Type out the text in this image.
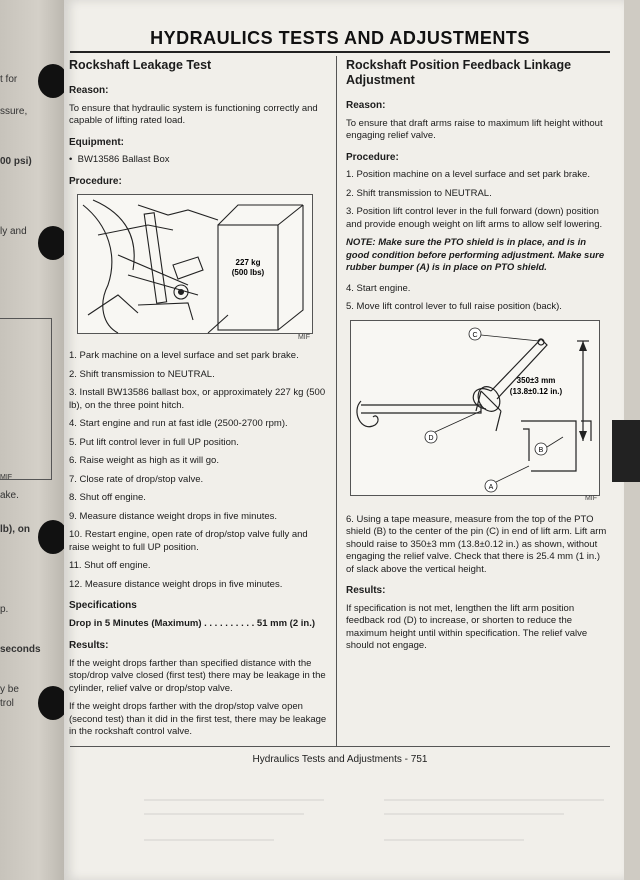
t for
ssure,
00 psi)
ly and
MIF
ake.
lb), on
p.
seconds
y be
trol
HYDRAULICS TESTS AND ADJUSTMENTS
Rockshaft Leakage Test
Reason:

To ensure that hydraulic system is functioning correctly and capable of lifting rated load.

Equipment:
•  BW13586 Ballast Box
Procedure:
227 kg
(500 lbs)
MIF
1. Park machine on a level surface and set park brake.
2. Shift transmission to NEUTRAL.
3. Install BW13586 ballast box, or approximately 227 kg (500 lb), on the three point hitch.
4. Start engine and run at fast idle (2500-2700 rpm).
5. Put lift control lever in full UP position.
6. Raise weight as high as it will go.
7. Close rate of drop/stop valve.
8. Shut off engine.
9. Measure distance weight drops in five minutes.
10. Restart engine, open rate of drop/stop valve fully and raise weight to full UP position.
11. Shut off engine.
12. Measure distance weight drops in five minutes.
Specifications
Drop in 5 Minutes (Maximum) . . . . . . . . . . 51 mm (2 in.)
Results:

If the weight drops farther than specified distance with the stop/drop valve closed (first test) there may be leakage in the cylinder, relief valve or drop/stop valve.

If the weight drops farther with the drop/stop valve open (second test) than it did in the first test, there may be leakage in the rockshaft control valve.

Rockshaft Position Feedback Linkage Adjustment
Reason:

To ensure that draft arms raise to maximum lift height without engaging relief valve.

Procedure:
1. Position machine on a level surface and set park brake.
2. Shift transmission to NEUTRAL.
3. Position lift control lever in the full forward (down) position and provide enough weight on lift arms to allow self lowering.

NOTE: Make sure the PTO shield is in place, and is in good condition before performing adjustment. Make sure rubber bumper (A) is in place on PTO shield.

4. Start engine.
5. Move lift control lever to full raise position (back).
350±3 mm
(13.8±0.12 in.)
C
D
B
A
MIF

6. Using a tape measure, measure from the top of the PTO shield (B) to the center of the pin (C) in end of lift arm. Lift arm should raise to 350±3 mm (13.8±0.12 in.) as shown, without engaging the relief valve. Check that there is 25.4 mm (1 in.) of slack above the vertical height.

Results:

If specification is not met, lengthen the lift arm position feedback rod (D) to increase, or shorten to reduce the maximum height until within specification. The relief valve should not engage.

Hydraulics Tests and Adjustments - 751
